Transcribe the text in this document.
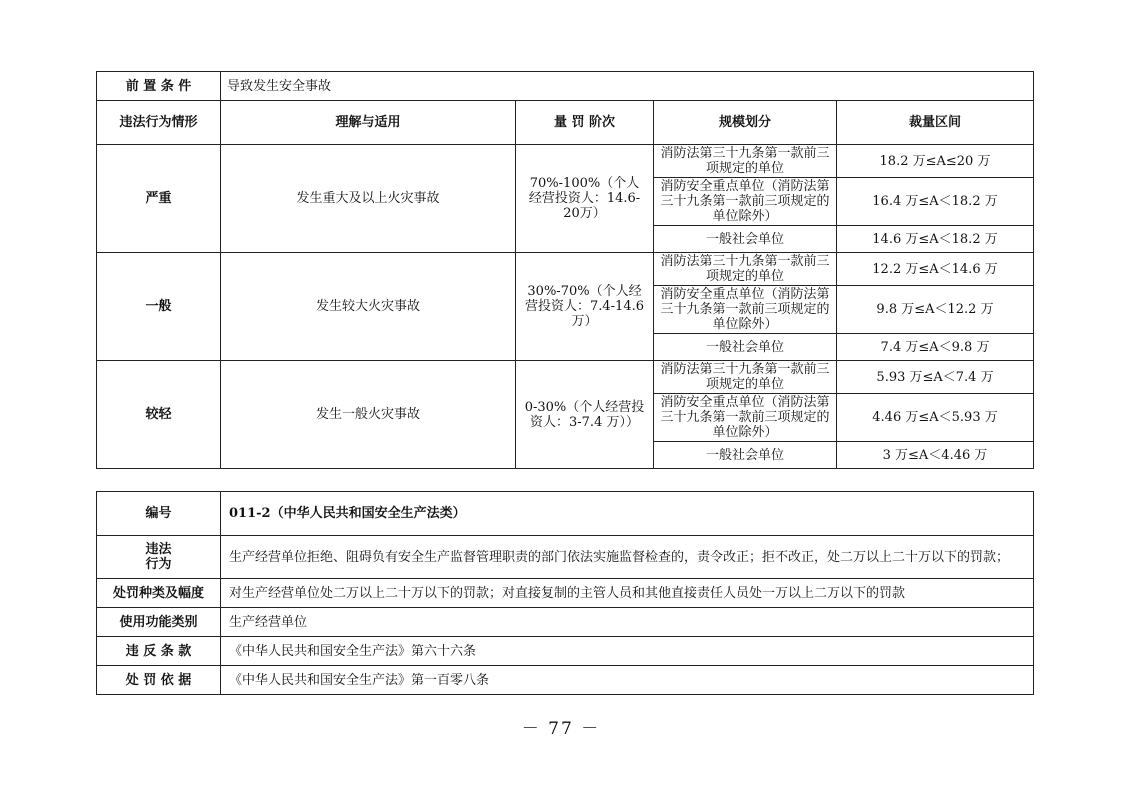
前 置 条 件	导致发生安全事故			
违法行为情形	理解与适用	量 罚 阶次	规模划分	裁量区间
严重	发生重大及以上火灾事故	70%-100%（个人经营投资人：14.6-20万）	消防法第三十九条第一款前三项规定的单位	18.2 万≤A≤20 万
			消防安全重点单位（消防法第三十九条第一款前三项规定的单位除外）	16.4 万≤A＜18.2 万
			一般社会单位	14.6 万≤A＜18.2 万
一般	发生较大火灾事故	30%-70%（个人经营投资人：7.4-14.6 万）	消防法第三十九条第一款前三项规定的单位	12.2 万≤A＜14.6 万
			消防安全重点单位（消防法第三十九条第一款前三项规定的单位除外）	9.8 万≤A＜12.2 万
			一般社会单位	7.4 万≤A＜9.8 万
较轻	发生一般火灾事故	0-30%（个人经营投资人：3-7.4 万））	消防法第三十九条第一款前三项规定的单位	5.93 万≤A＜7.4 万
			消防安全重点单位（消防法第三十九条第一款前三项规定的单位除外）	4.46 万≤A＜5.93 万
			一般社会单位	3 万≤A＜4.46 万
编号	011-2（中华人民共和国安全生产法类）
违法
行为	生产经营单位拒绝、阻碍负有安全生产监督管理职责的部门依法实施监督检查的，责令改正；拒不改正，处二万以上二十万以下的罚款；
处罚种类及幅度	对生产经营单位处二万以上二十万以下的罚款；对直接复制的主管人员和其他直接责任人员处一万以上二万以下的罚款
使用功能类别	生产经营单位
违 反 条 款	《中华人民共和国安全生产法》第六十六条
处 罚 依 据	《中华人民共和国安全生产法》第一百零八条
－ 77 －
